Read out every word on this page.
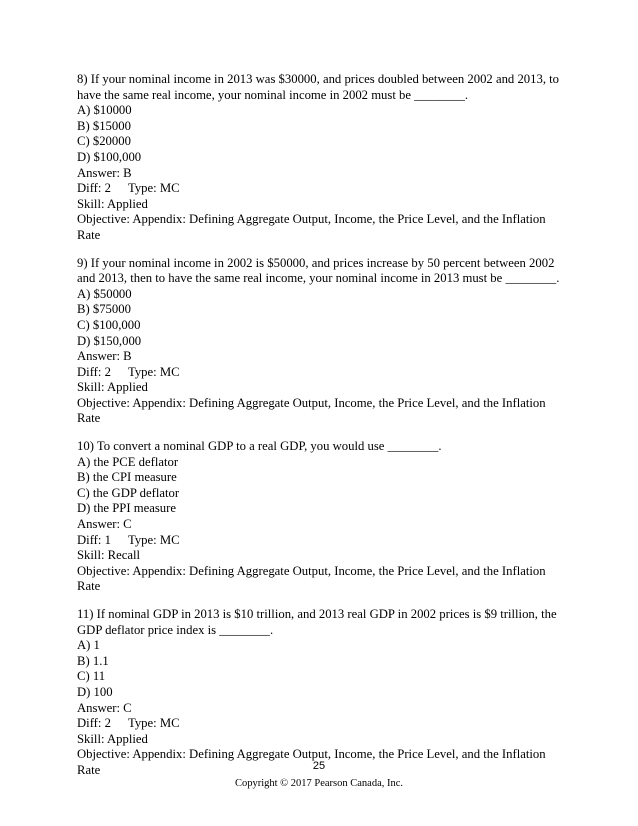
8) If your nominal income in 2013 was $30000, and prices doubled between 2002 and 2013, to
have the same real income, your nominal income in 2002 must be ________.
A) $10000
B) $15000
C) $20000
D) $100,000
Answer: B
Diff: 2 Type: MC
Skill: Applied
Objective: Appendix: Defining Aggregate Output, Income, the Price Level, and the Inflation Rate
9) If your nominal income in 2002 is $50000, and prices increase by 50 percent between 2002
and 2013, then to have the same real income, your nominal income in 2013 must be ________.
A) $50000
B) $75000
C) $100,000
D) $150,000
Answer: B
Diff: 2 Type: MC
Skill: Applied
Objective: Appendix: Defining Aggregate Output, Income, the Price Level, and the Inflation Rate
10) To convert a nominal GDP to a real GDP, you would use ________.
A) the PCE deflator
B) the CPI measure
C) the GDP deflator
D) the PPI measure
Answer: C
Diff: 1 Type: MC
Skill: Recall
Objective: Appendix: Defining Aggregate Output, Income, the Price Level, and the Inflation Rate
11) If nominal GDP in 2013 is $10 trillion, and 2013 real GDP in 2002 prices is $9 trillion, the
GDP deflator price index is ________.
A) 1
B) 1.1
C) 11
D) 100
Answer: C
Diff: 2 Type: MC
Skill: Applied
Objective: Appendix: Defining Aggregate Output, Income, the Price Level, and the Inflation Rate	25
Copyright © 2017 Pearson Canada, Inc.
